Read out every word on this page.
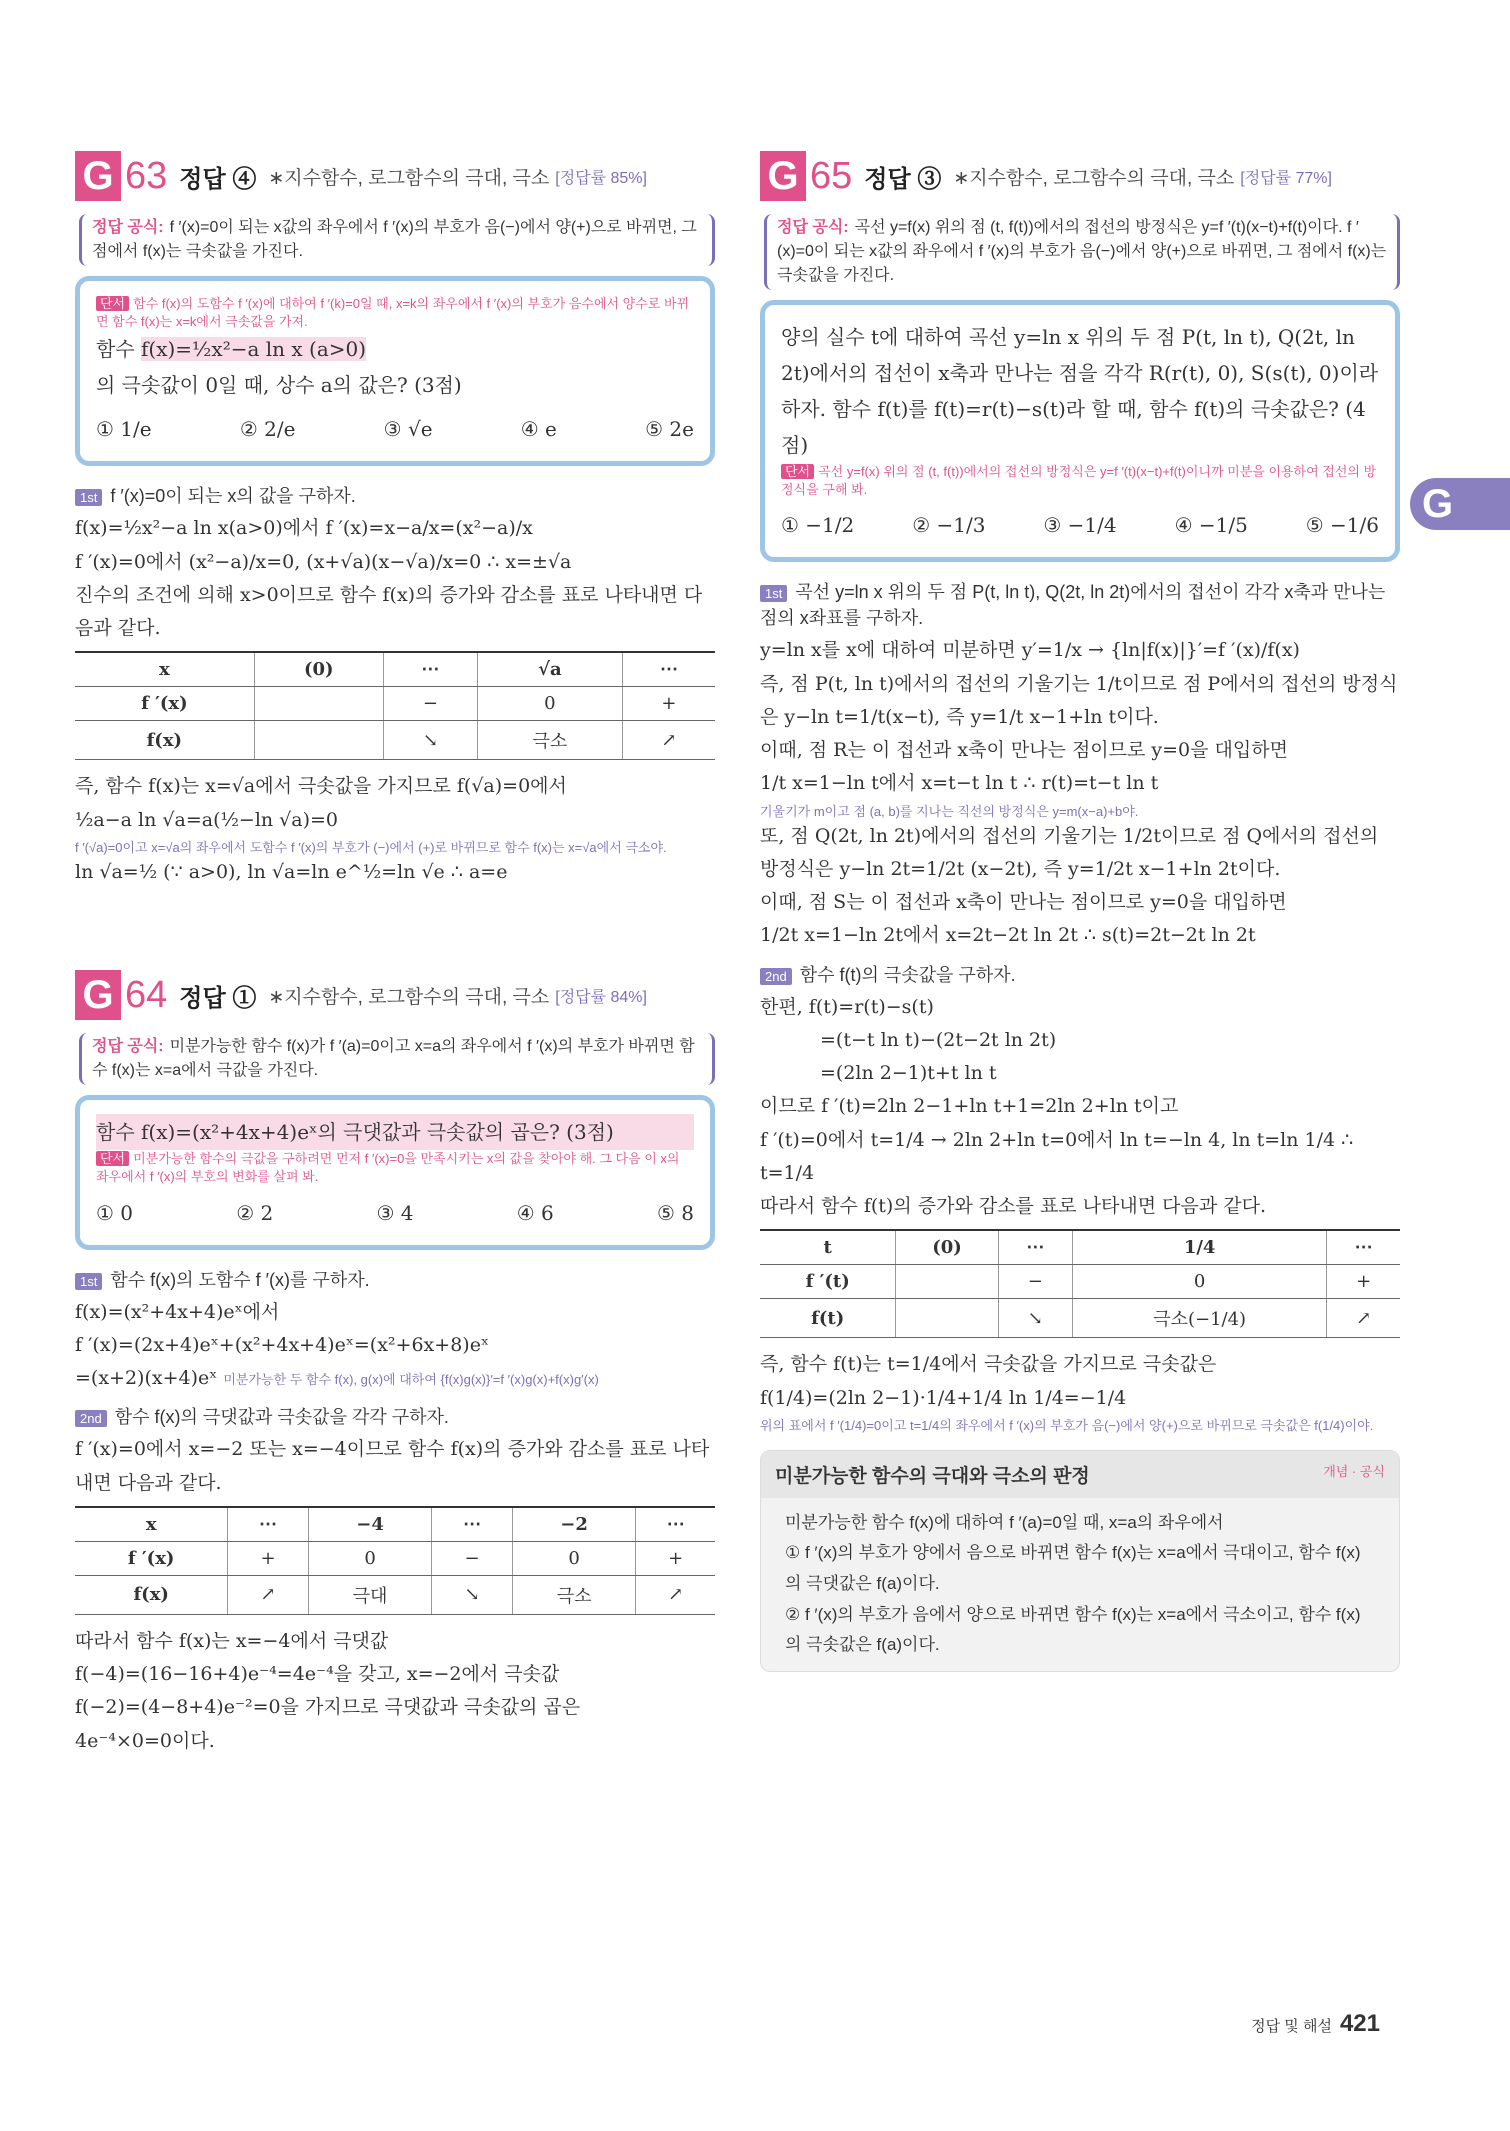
G
G 63 정답 ④ ∗지수함수, 로그함수의 극대, 극소 [정답률 85%]
정답 공식: f ′(x)=0이 되는 x값의 좌우에서 f ′(x)의 부호가 음(−)에서 양(+)으로 바뀌면, 그 점에서 f(x)는 극솟값을 가진다.
단서 함수 f(x)의 도함수 f ′(x)에 대하여 f ′(k)=0일 때, x=k의 좌우에서 f ′(x)의 부호가 음수에서 양수로 바뀌면 함수 f(x)는 x=k에서 극솟값을 가져.
함수 f(x)=½x²−a ln x (a>0)
의 극솟값이 0일 때, 상수 a의 값은? (3점)
① 1/e	② 2/e	③ √e	④ e	⑤ 2e
1st f ′(x)=0이 되는 x의 값을 구하자.
f(x)=½x²−a ln x(a>0)에서 f ′(x)=x−a/x=(x²−a)/x
f ′(x)=0에서 (x²−a)/x=0, (x+√a)(x−√a)/x=0 ∴ x=±√a
진수의 조건에 의해 x>0이므로 함수 f(x)의 증가와 감소를 표로 나타내면 다음과 같다.
x	(0)	⋯	√a	⋯
f ′(x)		−	0	+
f(x)		↘	극소	↗
즉, 함수 f(x)는 x=√a에서 극솟값을 가지므로 f(√a)=0에서
½a−a ln √a=a(½−ln √a)=0
f ′(√a)=0이고 x=√a의 좌우에서 도함수 f ′(x)의 부호가 (−)에서 (+)로 바뀌므로 함수 f(x)는 x=√a에서 극소야.
ln √a=½ (∵ a>0), ln √a=ln e^½=ln √e ∴ a=e
G 64 정답 ① ∗지수함수, 로그함수의 극대, 극소 [정답률 84%]
정답 공식: 미분가능한 함수 f(x)가 f ′(a)=0이고 x=a의 좌우에서 f ′(x)의 부호가 바뀌면 함수 f(x)는 x=a에서 극값을 가진다.
함수 f(x)=(x²+4x+4)eˣ의 극댓값과 극솟값의 곱은? (3점)
단서 미분가능한 함수의 극값을 구하려면 먼저 f ′(x)=0을 만족시키는 x의 값을 찾아야 해. 그 다음 이 x의 좌우에서 f ′(x)의 부호의 변화를 살펴 봐.
① 0	② 2	③ 4	④ 6	⑤ 8
1st 함수 f(x)의 도함수 f ′(x)를 구하자.
f(x)=(x²+4x+4)eˣ에서
f ′(x)=(2x+4)eˣ+(x²+4x+4)eˣ=(x²+6x+8)eˣ
=(x+2)(x+4)eˣ 미분가능한 두 함수 f(x), g(x)에 대하여 {f(x)g(x)}′=f ′(x)g(x)+f(x)g′(x)
2nd 함수 f(x)의 극댓값과 극솟값을 각각 구하자.
f ′(x)=0에서 x=−2 또는 x=−4이므로 함수 f(x)의 증가와 감소를 표로 나타내면 다음과 같다.
x	⋯	−4	⋯	−2	⋯
f ′(x)	+	0	−	0	+
f(x)	↗	극대	↘	극소	↗
따라서 함수 f(x)는 x=−4에서 극댓값
f(−4)=(16−16+4)e⁻⁴=4e⁻⁴을 갖고, x=−2에서 극솟값
f(−2)=(4−8+4)e⁻²=0을 가지므로 극댓값과 극솟값의 곱은
4e⁻⁴×0=0이다.
G 65 정답 ③ ∗지수함수, 로그함수의 극대, 극소 [정답률 77%]
정답 공식: 곡선 y=f(x) 위의 점 (t, f(t))에서의 접선의 방정식은 y=f ′(t)(x−t)+f(t)이다. f ′(x)=0이 되는 x값의 좌우에서 f ′(x)의 부호가 음(−)에서 양(+)으로 바뀌면, 그 점에서 f(x)는 극솟값을 가진다.
양의 실수 t에 대하여 곡선 y=ln x 위의 두 점 P(t, ln t), Q(2t, ln 2t)에서의 접선이 x축과 만나는 점을 각각 R(r(t), 0), S(s(t), 0)이라 하자. 함수 f(t)를 f(t)=r(t)−s(t)라 할 때, 함수 f(t)의 극솟값은? (4점)
단서 곡선 y=f(x) 위의 점 (t, f(t))에서의 접선의 방정식은 y=f ′(t)(x−t)+f(t)이니까 미분을 이용하여 접선의 방정식을 구해 봐.
① −1/2	② −1/3	③ −1/4	④ −1/5	⑤ −1/6
1st 곡선 y=ln x 위의 두 점 P(t, ln t), Q(2t, ln 2t)에서의 접선이 각각 x축과 만나는 점의 x좌표를 구하자.
y=ln x를 x에 대하여 미분하면 y′=1/x → {ln|f(x)|}′=f ′(x)/f(x)
즉, 점 P(t, ln t)에서의 접선의 기울기는 1/t이므로 점 P에서의 접선의 방정식은 y−ln t=1/t(x−t), 즉 y=1/t x−1+ln t이다.
이때, 점 R는 이 접선과 x축이 만나는 점이므로 y=0을 대입하면
1/t x=1−ln t에서 x=t−t ln t ∴ r(t)=t−t ln t
기울기가 m이고 점 (a, b)를 지나는 직선의 방정식은 y=m(x−a)+b야.
또, 점 Q(2t, ln 2t)에서의 접선의 기울기는 1/2t이므로 점 Q에서의 접선의 방정식은 y−ln 2t=1/2t (x−2t), 즉 y=1/2t x−1+ln 2t이다.
이때, 점 S는 이 접선과 x축이 만나는 점이므로 y=0을 대입하면
1/2t x=1−ln 2t에서 x=2t−2t ln 2t ∴ s(t)=2t−2t ln 2t
2nd 함수 f(t)의 극솟값을 구하자.
한편, f(t)=r(t)−s(t)
=(t−t ln t)−(2t−2t ln 2t)
=(2ln 2−1)t+t ln t
이므로 f ′(t)=2ln 2−1+ln t+1=2ln 2+ln t이고
f ′(t)=0에서 t=1/4 → 2ln 2+ln t=0에서 ln t=−ln 4, ln t=ln 1/4 ∴ t=1/4
따라서 함수 f(t)의 증가와 감소를 표로 나타내면 다음과 같다.
t	(0)	⋯	1/4	⋯
f ′(t)		−	0	+
f(t)		↘	극소(−1/4)	↗
즉, 함수 f(t)는 t=1/4에서 극솟값을 가지므로 극솟값은
f(1/4)=(2ln 2−1)·1/4+1/4 ln 1/4=−1/4
위의 표에서 f ′(1/4)=0이고 t=1/4의 좌우에서 f ′(x)의 부호가 음(−)에서 양(+)으로 바뀌므로 극솟값은 f(1/4)이야.
미분가능한 함수의 극대와 극소의 판정	개념 · 공식
미분가능한 함수 f(x)에 대하여 f ′(a)=0일 때, x=a의 좌우에서
① f ′(x)의 부호가 양에서 음으로 바뀌면 함수 f(x)는 x=a에서 극대이고, 함수 f(x)의 극댓값은 f(a)이다.
② f ′(x)의 부호가 음에서 양으로 바뀌면 함수 f(x)는 x=a에서 극소이고, 함수 f(x)의 극솟값은 f(a)이다.
정답 및 해설 421
